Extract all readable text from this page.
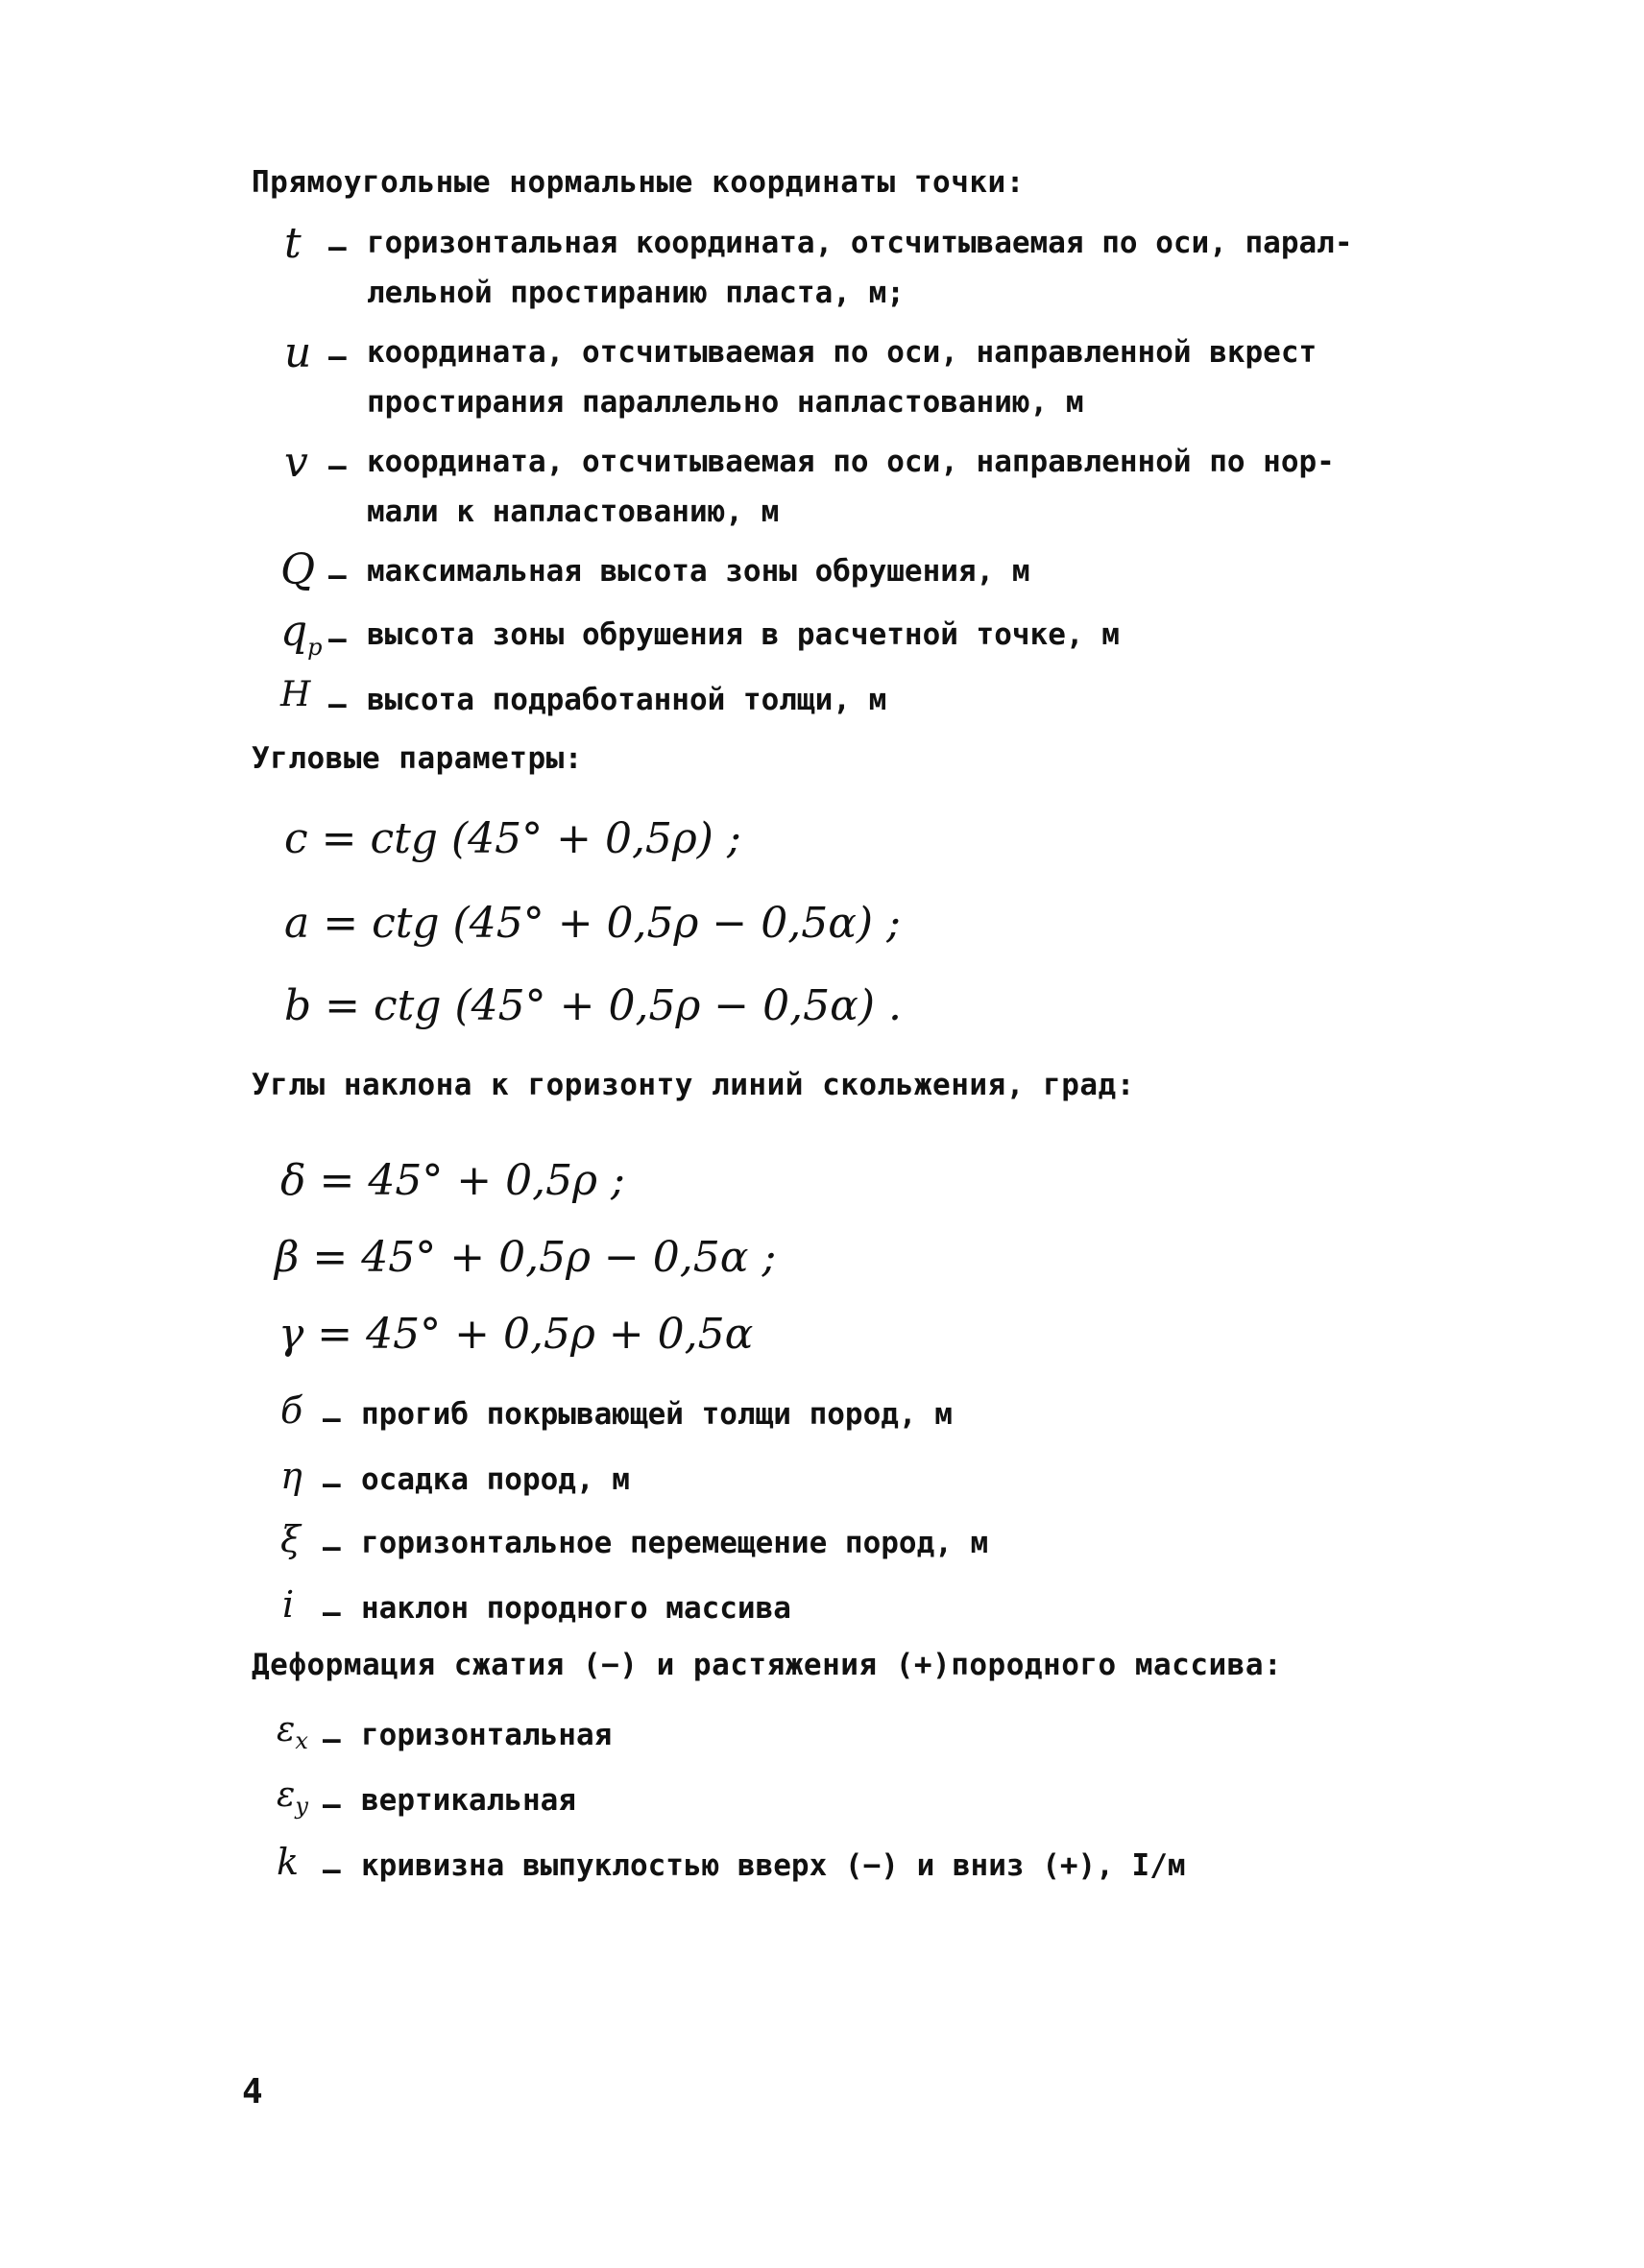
Прямоугольные нормальные координаты точки:
t – горизонтальная координата, отсчитываемая по оси, парал-
лельной простиранию пласта, м;
u – координата, отсчитываемая по оси, направленной вкрест
простирания параллельно напластованию, м
v – координата, отсчитываемая по оси, направленной по нор-
мали к напластованию, м
Q – максимальная высота зоны обрушения, м
$q_p$ – высота зоны обрушения в расчетной точке, м
H – высота подработанной толщи, м
Угловые параметры:
c = ctg (45° + 0,5ρ) ;
a = ctg (45° + 0,5ρ − 0,5α) ;
b = ctg (45° + 0,5ρ − 0,5α) .
Углы наклона к горизонту линий скольжения, град:
δ = 45° + 0,5ρ ;
β = 45° + 0,5ρ − 0,5α ;
γ = 45° + 0,5ρ + 0,5α
б – прогиб покрывающей толщи пород, м
η – осадка пород, м
ξ – горизонтальное перемещение пород, м
i – наклон породного массива
Деформация сжатия (−) и растяжения (+)породного массива:
$\varepsilon_x$ – горизонтальная
$\varepsilon_y$ – вертикальная
k – кривизна выпуклостью вверх (−) и вниз (+), I/м
4
